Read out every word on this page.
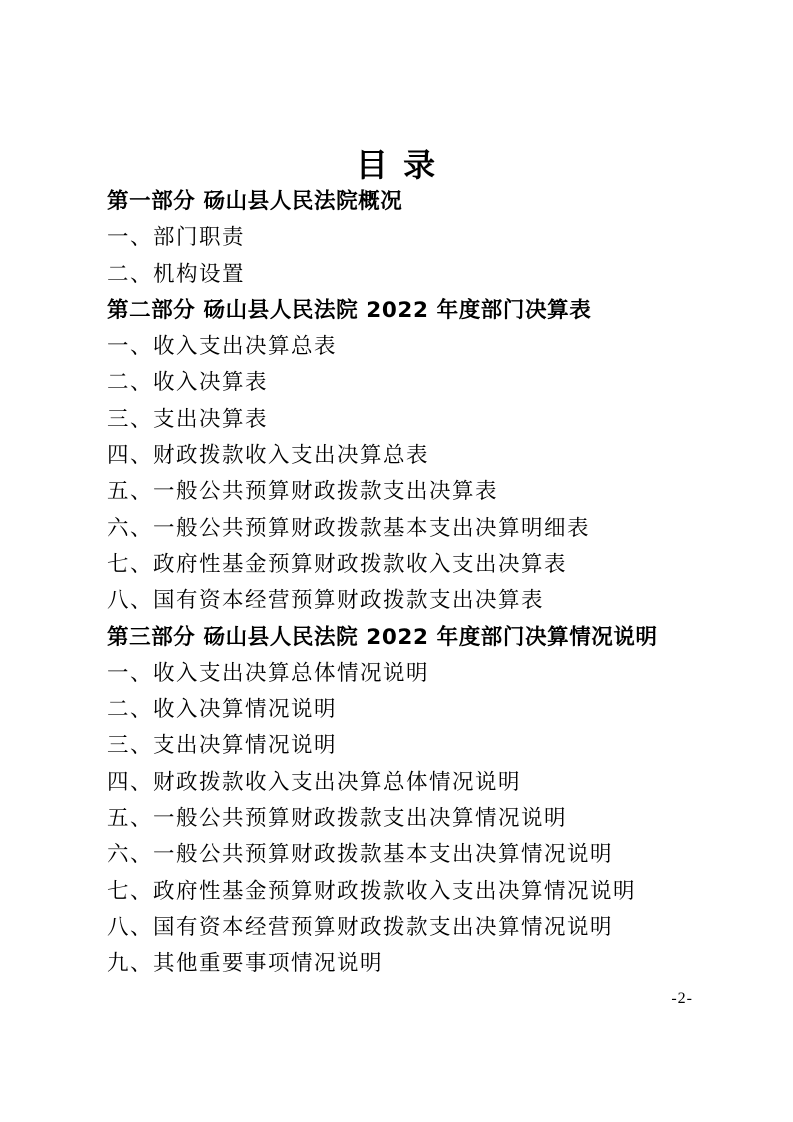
目 录
第一部分 砀山县人民法院概况
一、部门职责
二、机构设置
第二部分 砀山县人民法院 2022 年度部门决算表
一、收入支出决算总表
二、收入决算表
三、支出决算表
四、财政拨款收入支出决算总表
五、一般公共预算财政拨款支出决算表
六、一般公共预算财政拨款基本支出决算明细表
七、政府性基金预算财政拨款收入支出决算表
八、国有资本经营预算财政拨款支出决算表
第三部分 砀山县人民法院 2022 年度部门决算情况说明
一、收入支出决算总体情况说明
二、收入决算情况说明
三、支出决算情况说明
四、财政拨款收入支出决算总体情况说明
五、一般公共预算财政拨款支出决算情况说明
六、一般公共预算财政拨款基本支出决算情况说明
七、政府性基金预算财政拨款收入支出决算情况说明
八、国有资本经营预算财政拨款支出决算情况说明
九、其他重要事项情况说明
-2-
